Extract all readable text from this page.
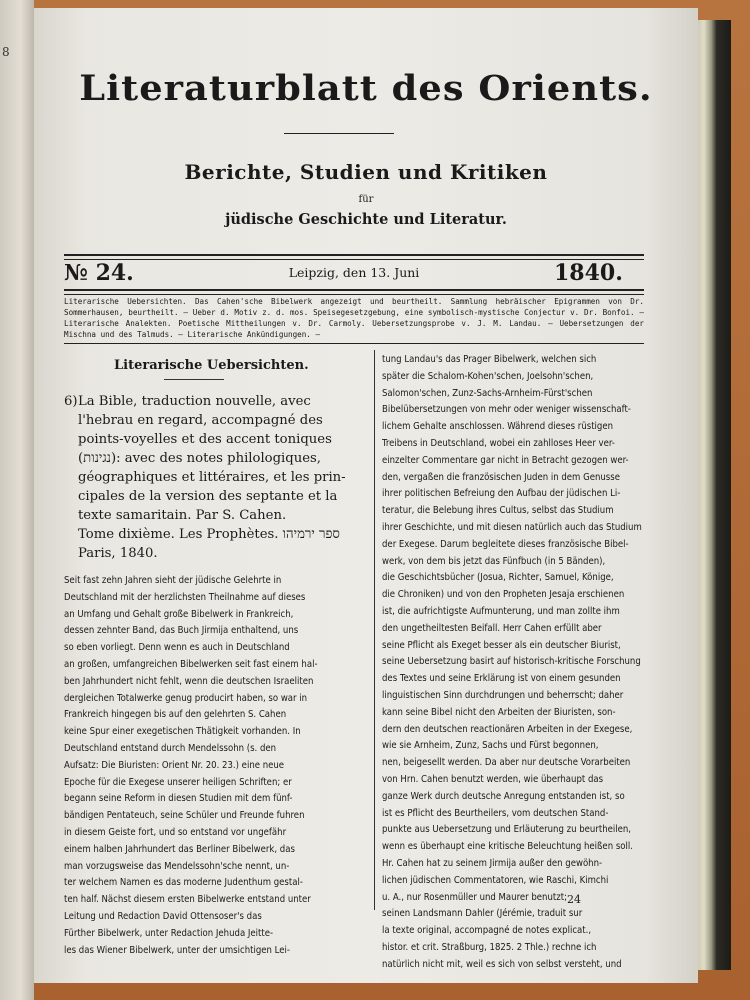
8
Literaturblatt des Orients.
Berichte, Studien und Kritiken
für
jüdische Geschichte und Literatur.
№ 24.	Leipzig, den 13. Juni	1840.
Literarische Uebersichten. Das Cahen'sche Bibelwerk angezeigt und beurtheilt. Sammlung hebräischer Epigrammen von Dr. Sommerhausen, beurtheilt. — Ueber d. Motiv z. d. mos. Speisegesetzgebung, eine symbolisch-mystische Conjectur v. Dr. Bonfoi. — Literarische Analekten. Poetische Mittheilungen v. Dr. Carmoly. Uebersetzungsprobe v. J. M. Landau. — Uebersetzungen der Mischna und des Talmuds. — Literarische Ankündigungen. —
Literarische Uebersichten.
6)La Bible, traduction nouvelle, avec
l'hebrau en regard, accompagné des
points-voyelles et des accent toniques
(נגינות): avec des notes philologiques,
géographiques et littéraires, et les prin-
cipales de la version des septante et la
texte samaritain. Par S. Cahen.
Tome dixième. Les Prophètes. ספר ירמיהו
Paris, 1840.
Seit fast zehn Jahren sieht der jüdische Gelehrte in
Deutschland mit der herzlichsten Theilnahme auf dieses
an Umfang und Gehalt große Bibelwerk in Frankreich,
dessen zehnter Band, das Buch Jirmija enthaltend, uns
so eben vorliegt. Denn wenn es auch in Deutschland
an großen, umfangreichen Bibelwerken seit fast einem hal-
ben Jahrhundert nicht fehlt, wenn die deutschen Israeliten
dergleichen Totalwerke genug producirt haben, so war in
Frankreich hingegen bis auf den gelehrten S. Cahen
keine Spur einer exegetischen Thätigkeit vorhanden. In
Deutschland entstand durch Mendelssohn (s. den
Aufsatz: Die Biuristen: Orient Nr. 20. 23.) eine neue
Epoche für die Exegese unserer heiligen Schriften; er
begann seine Reform in diesen Studien mit dem fünf-
bändigen Pentateuch, seine Schüler und Freunde fuhren
in diesem Geiste fort, und so entstand vor ungefähr
einem halben Jahrhundert das Berliner Bibelwerk, das
man vorzugsweise das Mendelssohn'sche nennt, un-
ter welchem Namen es das moderne Judenthum gestal-
ten half. Nächst diesem ersten Bibelwerke entstand unter
Leitung und Redaction David Ottensoser's das
Fürther Bibelwerk, unter Redaction Jehuda Jeitte-
les das Wiener Bibelwerk, unter der umsichtigen Lei-
tung Landau's das Prager Bibelwerk, welchen sich
später die Schalom-Kohen'schen, Joelsohn'schen,
Salomon'schen, Zunz-Sachs-Arnheim-Fürst'schen
Bibelübersetzungen von mehr oder weniger wissenschaft-
lichem Gehalte anschlossen. Während dieses rüstigen
Treibens in Deutschland, wobei ein zahlloses Heer ver-
einzelter Commentare gar nicht in Betracht gezogen wer-
den, vergaßen die französischen Juden in dem Genusse
ihrer politischen Befreiung den Aufbau der jüdischen Li-
teratur, die Belebung ihres Cultus, selbst das Studium
ihrer Geschichte, und mit diesen natürlich auch das Studium
der Exegese. Darum begleitete dieses französische Bibel-
werk, von dem bis jetzt das Fünfbuch (in 5 Bänden),
die Geschichtsbücher (Josua, Richter, Samuel, Könige,
die Chroniken) und von den Propheten Jesaja erschienen
ist, die aufrichtigste Aufmunterung, und man zollte ihm
den ungetheiltesten Beifall. Herr Cahen erfüllt aber
seine Pflicht als Exeget besser als ein deutscher Biurist,
seine Uebersetzung basirt auf historisch-kritische Forschung
des Textes und seine Erklärung ist von einem gesunden
linguistischen Sinn durchdrungen und beherrscht; daher
kann seine Bibel nicht den Arbeiten der Biuristen, son-
dern den deutschen reactionären Arbeiten in der Exegese,
wie sie Arnheim, Zunz, Sachs und Fürst begonnen,
nen, beigesellt werden. Da aber nur deutsche Vorarbeiten
von Hrn. Cahen benutzt werden, wie überhaupt das
ganze Werk durch deutsche Anregung entstanden ist, so
ist es Pflicht des Beurtheilers, vom deutschen Stand-
punkte aus Uebersetzung und Erläuterung zu beurtheilen,
wenn es überhaupt eine kritische Beleuchtung heißen soll.
Hr. Cahen hat zu seinem Jirmija außer den gewöhn-
lichen jüdischen Commentatoren, wie Raschi, Kimchi
u. A., nur Rosenmüller und Maurer benutzt;
seinen Landsmann Dahler (Jérémie, traduit sur
la texte original, accompagné de notes explicat.,
histor. et crit. Straßburg, 1825. 2 Thle.) rechne ich
natürlich nicht mit, weil es sich von selbst versteht, und
24
